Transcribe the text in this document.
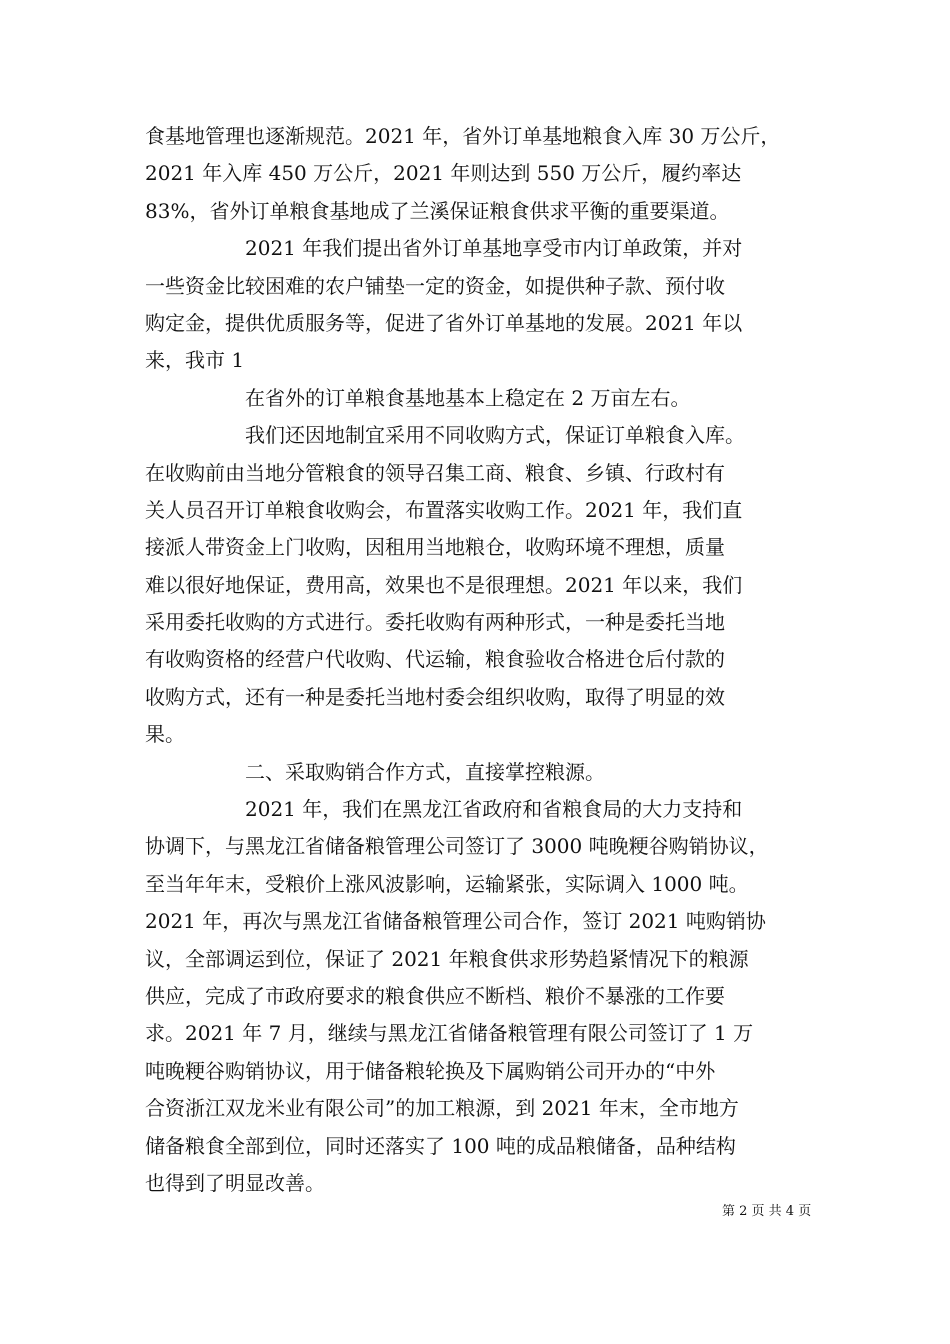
食基地管理也逐渐规范。2021 年，省外订单基地粮食入库 30 万公斤，
2021 年入库 450 万公斤，2021 年则达到 550 万公斤，履约率达
83%，省外订单粮食基地成了兰溪保证粮食供求平衡的重要渠道。
2021 年我们提出省外订单基地享受市内订单政策，并对
一些资金比较困难的农户铺垫一定的资金，如提供种子款、预付收
购定金，提供优质服务等，促进了省外订单基地的发展。2021 年以
来，我市 1
在省外的订单粮食基地基本上稳定在 2 万亩左右。
我们还因地制宜采用不同收购方式，保证订单粮食入库。
在收购前由当地分管粮食的领导召集工商、粮食、乡镇、行政村有
关人员召开订单粮食收购会，布置落实收购工作。2021 年，我们直
接派人带资金上门收购，因租用当地粮仓，收购环境不理想，质量
难以很好地保证，费用高，效果也不是很理想。2021 年以来，我们
采用委托收购的方式进行。委托收购有两种形式，一种是委托当地
有收购资格的经营户代收购、代运输，粮食验收合格进仓后付款的
收购方式，还有一种是委托当地村委会组织收购，取得了明显的效
果。
二、采取购销合作方式，直接掌控粮源。
2021 年，我们在黑龙江省政府和省粮食局的大力支持和
协调下，与黑龙江省储备粮管理公司签订了 3000 吨晚粳谷购销协议，
至当年年末，受粮价上涨风波影响，运输紧张，实际调入 1000 吨。
2021 年，再次与黑龙江省储备粮管理公司合作，签订 2021 吨购销协
议，全部调运到位，保证了 2021 年粮食供求形势趋紧情况下的粮源
供应，完成了市政府要求的粮食供应不断档、粮价不暴涨的工作要
求。2021 年 7 月，继续与黑龙江省储备粮管理有限公司签订了 1 万
吨晚粳谷购销协议，用于储备粮轮换及下属购销公司开办的“中外
合资浙江双龙米业有限公司”的加工粮源，到 2021 年末，全市地方
储备粮食全部到位，同时还落实了 100 吨的成品粮储备，品种结构
也得到了明显改善。
第 2 页 共 4 页
